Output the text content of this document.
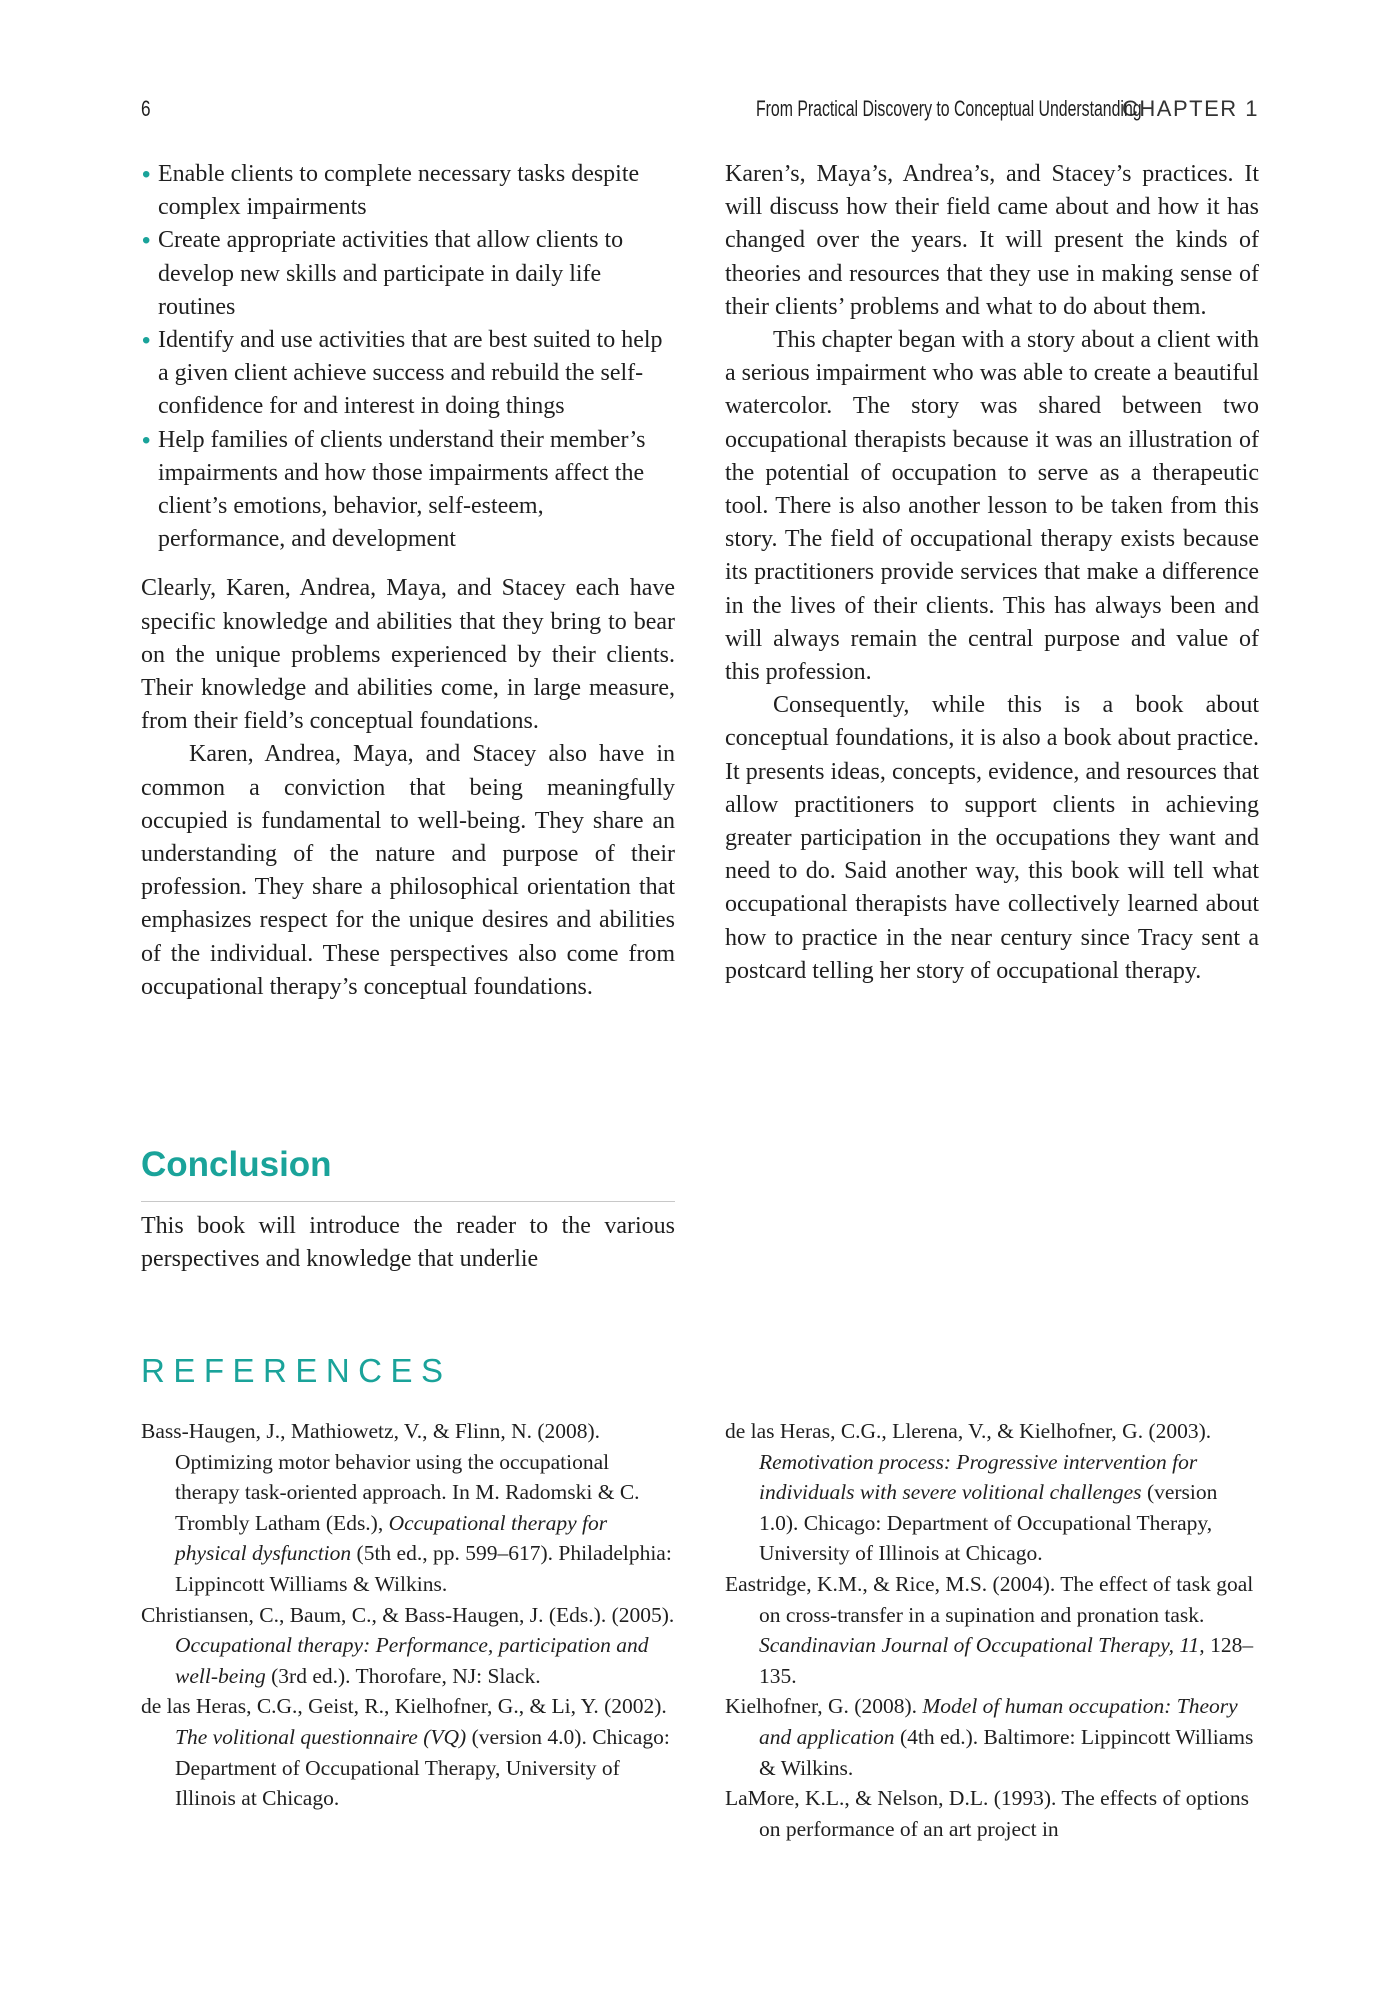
6	From Practical Discovery to Conceptual Understanding
CHAPTER 1
• Enable clients to complete necessary tasks despite complex impairments
• Create appropriate activities that allow clients to develop new skills and participate in daily life routines
• Identify and use activities that are best suited to help a given client achieve success and rebuild the self-confidence for and interest in doing things
• Help families of clients understand their member’s impairments and how those impairments affect the client’s emotions, behavior, self-esteem, performance, and development

Clearly, Karen, Andrea, Maya, and Stacey each have specific knowledge and abilities that they bring to bear on the unique problems experienced by their clients. Their knowledge and abilities come, in large measure, from their field’s conceptual foundations.

Karen, Andrea, Maya, and Stacey also have in common a conviction that being meaningfully occupied is fundamental to well-being. They share an understanding of the nature and purpose of their profession. They share a philosophical orientation that emphasizes respect for the unique desires and abilities of the individual. These perspectives also come from occupational therapy’s conceptual foundations.

Conclusion

This book will introduce the reader to the various perspectives and knowledge that underlie

Karen’s, Maya’s, Andrea’s, and Stacey’s practices. It will discuss how their field came about and how it has changed over the years. It will present the kinds of theories and resources that they use in making sense of their clients’ problems and what to do about them.

This chapter began with a story about a client with a serious impairment who was able to create a beautiful watercolor. The story was shared between two occupational therapists because it was an illustration of the potential of occupation to serve as a therapeutic tool. There is also another lesson to be taken from this story. The field of occupational therapy exists because its practitioners provide services that make a difference in the lives of their clients. This has always been and will always remain the central purpose and value of this profession.

Consequently, while this is a book about conceptual foundations, it is also a book about practice. It presents ideas, concepts, evidence, and resources that allow practitioners to support clients in achieving greater participation in the occupations they want and need to do. Said another way, this book will tell what occupational therapists have collectively learned about how to practice in the near century since Tracy sent a postcard telling her story of occupational therapy.

REFERENCES

Bass-Haugen, J., Mathiowetz, V., & Flinn, N. (2008). Optimizing motor behavior using the occupational therapy task-oriented approach. In M. Radomski & C. Trombly Latham (Eds.), Occupational therapy for physical dysfunction (5th ed., pp. 599–617). Philadelphia: Lippincott Williams & Wilkins.

Christiansen, C., Baum, C., & Bass-Haugen, J. (Eds.). (2005). Occupational therapy: Performance, participation and well-being (3rd ed.). Thorofare, NJ: Slack.

de las Heras, C.G., Geist, R., Kielhofner, G., & Li, Y. (2002). The volitional questionnaire (VQ) (version 4.0). Chicago: Department of Occupational Therapy, University of Illinois at Chicago.

de las Heras, C.G., Llerena, V., & Kielhofner, G. (2003). Remotivation process: Progressive intervention for individuals with severe volitional challenges (version 1.0). Chicago: Department of Occupational Therapy, University of Illinois at Chicago.

Eastridge, K.M., & Rice, M.S. (2004). The effect of task goal on cross-transfer in a supination and pronation task. Scandinavian Journal of Occupational Therapy, 11, 128–135.

Kielhofner, G. (2008). Model of human occupation: Theory and application (4th ed.). Baltimore: Lippincott Williams & Wilkins.

LaMore, K.L., & Nelson, D.L. (1993). The effects of options on performance of an art project in
